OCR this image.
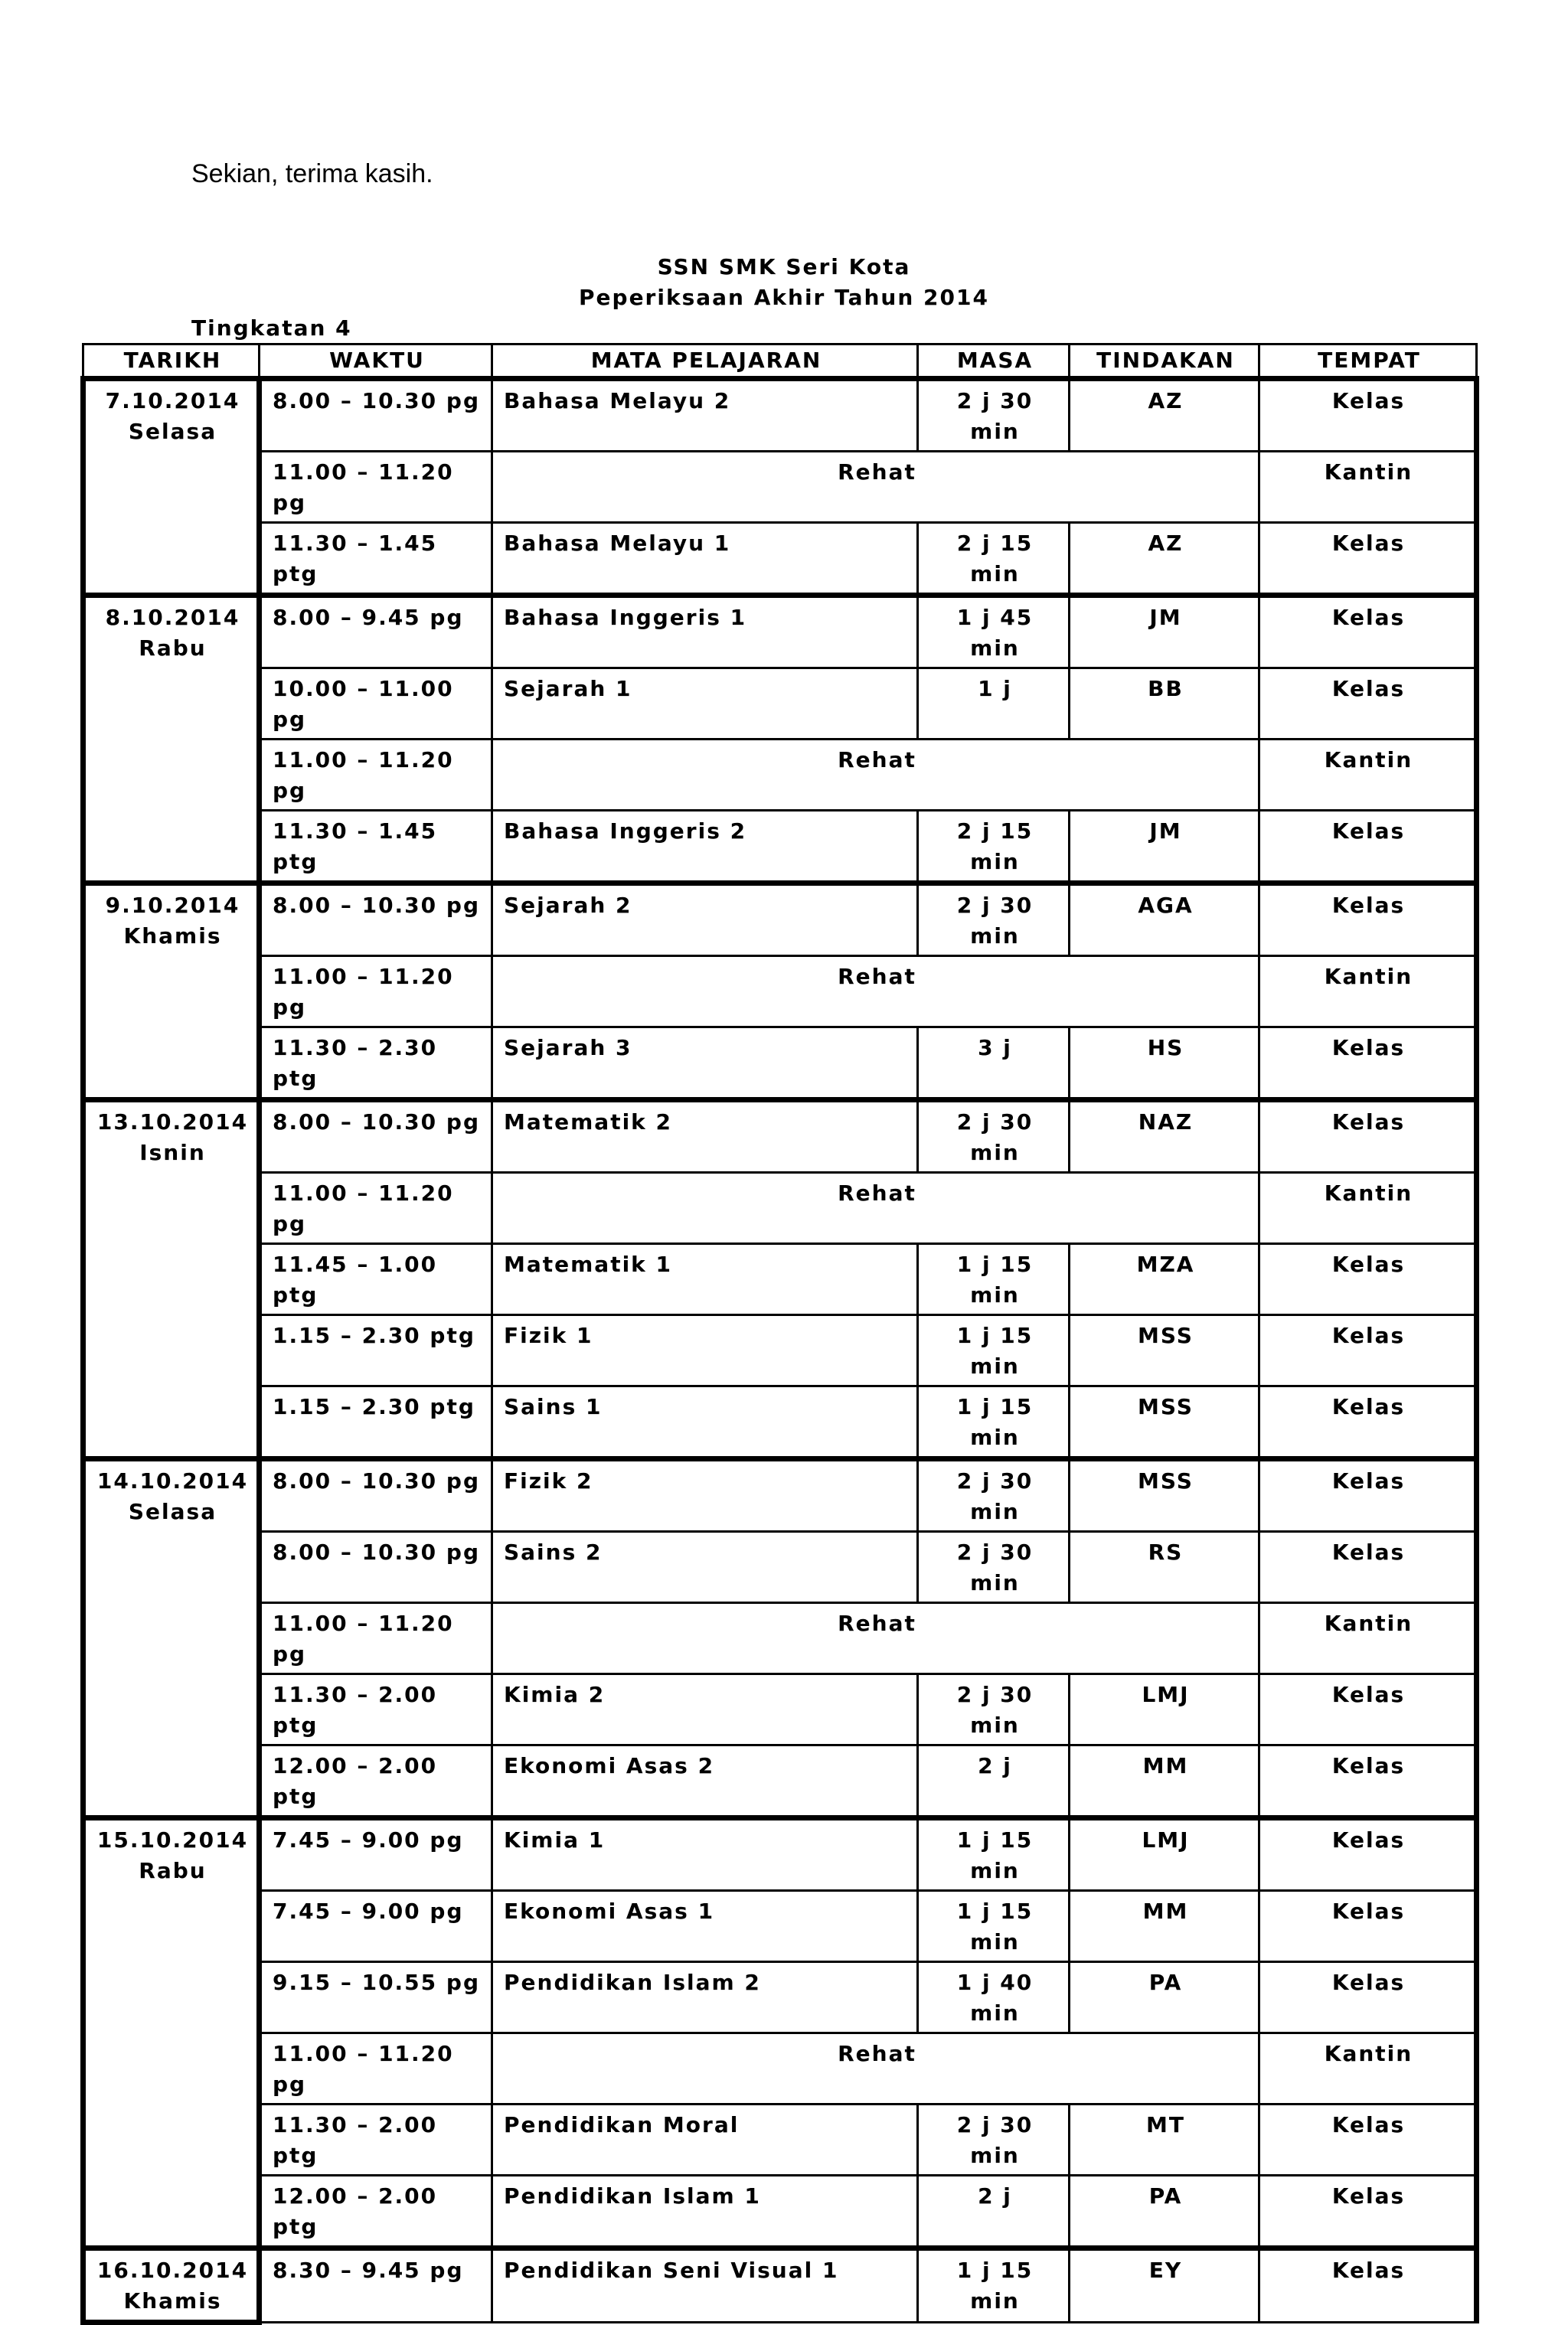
Sekian, terima kasih.
SSN SMK Seri Kota
Peperiksaan Akhir Tahun 2014
Tingkatan 4
TARIKH	WAKTU	MATA PELAJARAN	MASA	TINDAKAN	TEMPAT

7.10.2014
Selasa	8.00 – 10.30 pg	Bahasa Melayu 2	2 j 30 min	AZ	Kelas
	11.00 – 11.20 pg	Rehat			Kantin
	11.30 – 1.45 ptg	Bahasa Melayu 1	2 j 15 min	AZ	Kelas

8.10.2014
Rabu	8.00 – 9.45 pg	Bahasa Inggeris 1	1 j 45 min	JM	Kelas
	10.00 – 11.00 pg	Sejarah 1	1 j	BB	Kelas
	11.00 – 11.20 pg	Rehat			Kantin
	11.30 – 1.45 ptg	Bahasa Inggeris 2	2 j 15 min	JM	Kelas

9.10.2014
Khamis	8.00 – 10.30 pg	Sejarah 2	2 j 30 min	AGA	Kelas
	11.00 – 11.20 pg	Rehat			Kantin
	11.30 – 2.30 ptg	Sejarah 3	3 j	HS	Kelas

13.10.2014
Isnin	8.00 – 10.30 pg	Matematik 2	2 j 30 min	NAZ	Kelas
	11.00 – 11.20 pg	Rehat			Kantin
	11.45 – 1.00 ptg	Matematik 1	1 j 15 min	MZA	Kelas
	1.15 – 2.30 ptg	Fizik 1	1 j 15 min	MSS	Kelas
	1.15 – 2.30 ptg	Sains 1	1 j 15 min	MSS	Kelas

14.10.2014
Selasa	8.00 – 10.30 pg	Fizik 2	2 j 30 min	MSS	Kelas
	8.00 – 10.30 pg	Sains 2	2 j 30 min	RS	Kelas
	11.00 – 11.20 pg	Rehat			Kantin
	11.30 – 2.00 ptg	Kimia 2	2 j 30 min	LMJ	Kelas
	12.00 – 2.00 ptg	Ekonomi Asas 2	2 j	MM	Kelas

15.10.2014
Rabu	7.45 – 9.00 pg	Kimia 1	1 j 15 min	LMJ	Kelas
	7.45 – 9.00 pg	Ekonomi Asas 1	1 j 15 min	MM	Kelas
	9.15 – 10.55 pg	Pendidikan Islam 2	1 j 40 min	PA	Kelas
	11.00 – 11.20 pg	Rehat			Kantin
	11.30 – 2.00 ptg	Pendidikan Moral	2 j 30 min	MT	Kelas
	12.00 – 2.00 ptg	Pendidikan Islam 1	2 j	PA	Kelas

16.10.2014
Khamis	8.30 – 9.45 pg	Pendidikan Seni Visual 1	1 j 15 min	EY	Kelas
